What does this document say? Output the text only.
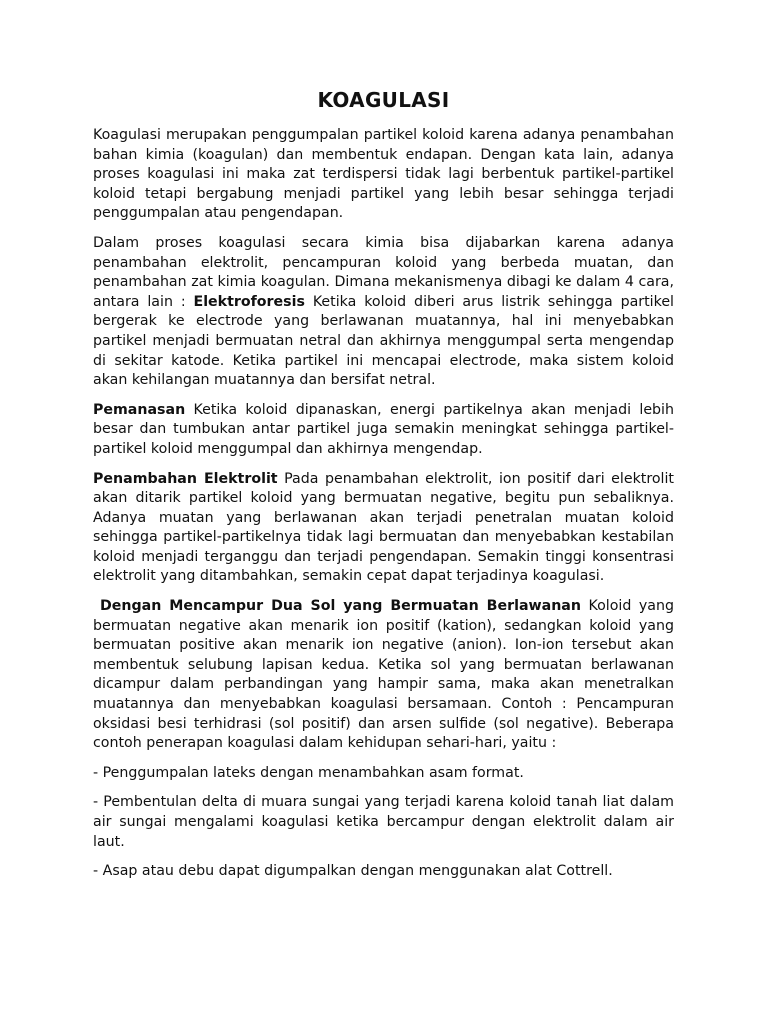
KOAGULASI

Koagulasi merupakan penggumpalan partikel koloid karena adanya penambahan bahan kimia (koagulan) dan membentuk endapan. Dengan kata lain, adanya proses koagulasi ini maka zat terdispersi tidak lagi berbentuk partikel-partikel koloid tetapi bergabung menjadi partikel yang lebih besar sehingga terjadi penggumpalan atau pengendapan.

Dalam proses koagulasi secara kimia bisa dijabarkan karena adanya penambahan elektrolit, pencampuran koloid yang berbeda muatan, dan penambahan zat kimia koagulan. Dimana mekanismenya dibagi ke dalam 4 cara, antara lain : Elektroforesis Ketika koloid diberi arus listrik sehingga partikel bergerak ke electrode yang berlawanan muatannya, hal ini menyebabkan partikel menjadi bermuatan netral dan akhirnya menggumpal serta mengendap di sekitar katode. Ketika partikel ini mencapai electrode, maka sistem koloid akan kehilangan muatannya dan bersifat netral.

Pemanasan Ketika koloid dipanaskan, energi partikelnya akan menjadi lebih besar dan tumbukan antar partikel juga semakin meningkat sehingga partikel-partikel koloid menggumpal dan akhirnya mengendap.

Penambahan Elektrolit Pada penambahan elektrolit, ion positif dari elektrolit akan ditarik partikel koloid yang bermuatan negative, begitu pun sebaliknya. Adanya muatan yang berlawanan akan terjadi penetralan muatan koloid sehingga partikel-partikelnya tidak lagi bermuatan dan menyebabkan kestabilan koloid menjadi terganggu dan terjadi pengendapan. Semakin tinggi konsentrasi elektrolit yang ditambahkan, semakin cepat dapat terjadinya koagulasi.

Dengan Mencampur Dua Sol yang Bermuatan Berlawanan Koloid yang bermuatan negative akan menarik ion positif (kation), sedangkan koloid yang bermuatan positive akan menarik ion negative (anion). Ion-ion tersebut akan membentuk selubung lapisan kedua. Ketika sol yang bermuatan berlawanan dicampur dalam perbandingan yang hampir sama, maka akan menetralkan muatannya dan menyebabkan koagulasi bersamaan. Contoh : Pencampuran oksidasi besi terhidrasi (sol positif) dan arsen sulfide (sol negative). Beberapa contoh penerapan koagulasi dalam kehidupan sehari-hari, yaitu :

- Penggumpalan lateks dengan menambahkan asam format.

- Pembentulan delta di muara sungai yang terjadi karena koloid tanah liat dalam air sungai mengalami koagulasi ketika bercampur dengan elektrolit dalam air laut.

- Asap atau debu dapat digumpalkan dengan menggunakan alat Cottrell.
